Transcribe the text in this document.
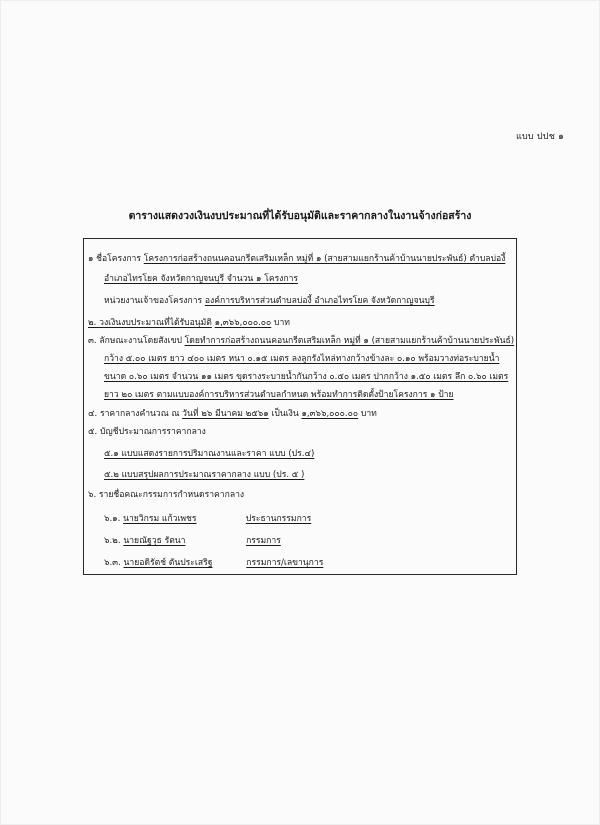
แบบ ปปช ๑
ตารางแสดงวงเงินงบประมาณที่ได้รับอนุมัติและราคากลางในงานจ้างก่อสร้าง
๑ ชื่อโครงการ โครงการก่อสร้างถนนคอนกรีตเสริมเหล็ก หมู่ที่ ๑ (สายสามแยกร้านค้าบ้านนายประพันธ์) ตำบลบ่องี้
อำเภอไทรโยค จังหวัดกาญจนบุรี จำนวน ๑ โครงการ
หน่วยงานเจ้าของโครงการ องค์การบริหารส่วนตำบลบ่องี้ อำเภอไทรโยค จังหวัดกาญจนบุรี
๒. วงเงินงบประมาณที่ได้รับอนุมัติ ๑,๓๖๖,๐๐๐.๐๐ บาท
๓. ลักษณะงานโดยสังเขป โดยทำการก่อสร้างถนนคอนกรีตเสริมเหล็ก หมู่ที่ ๑ (สายสามแยกร้านค้าบ้านนายประพันธ์)
กว้าง ๕.๐๐ เมตร ยาว ๔๐๐ เมตร หนา ๐.๑๕ เมตร ลงลูกรังไหล่ทางกว้างข้างละ ๐.๑๐ พร้อมวางท่อระบายน้ำ
ขนาด ๐.๖๐ เมตร จำนวน ๑๑ เมตร ขุดรางระบายน้ำกันกว้าง ๐.๕๐ เมตร ปากกว้าง ๑.๕๐ เมตร ลึก ๐.๖๐ เมตร
ยาว ๒๐ เมตร ตามแบบองค์การบริหารส่วนตำบลกำหนด พร้อมทำการติดตั้งป้ายโครงการ ๑ ป้าย
๔. ราคากลางคำนวณ ณ วันที่ ๒๖ มีนาคม ๒๕๖๑ เป็นเงิน ๑,๓๖๖,๐๐๐.๐๐ บาท
๕. บัญชีประมาณการราคากลาง
๕.๑ แบบแสดงรายการปริมาณงานและราคา แบบ (ปร.๔)
๕.๒ แบบสรุปผลการประมาณราคากลาง แบบ (ปร. ๕ )
๖. รายชื่อคณะกรรมการกำหนดราคากลาง
๖.๑. นายวิกรม แก้วเพชร	ประธานกรรมการ
๖.๒. นายณัฐวุธ รัตนา	กรรมการ
๖.๓. นายอดิรัตช์ ตันประเสริฐ	กรรมการ/เลขานุการ
